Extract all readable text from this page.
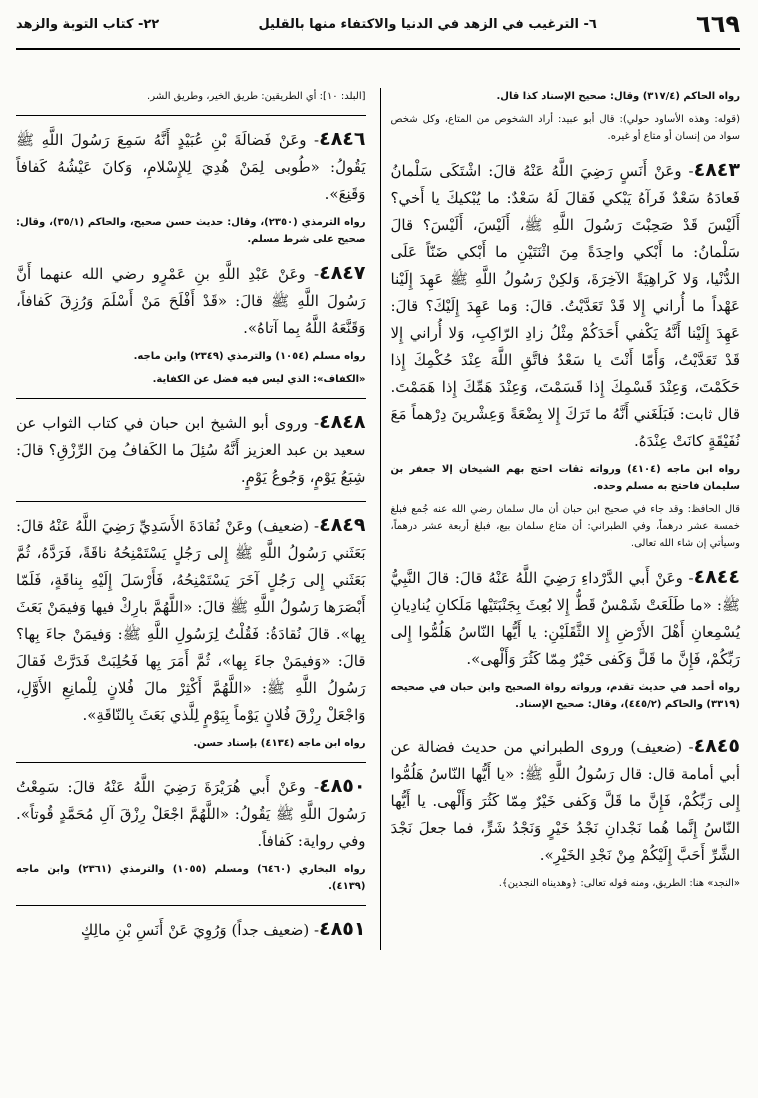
٦٦٩
٦- الترغيب في الزهد في الدنيا والاكتفاء منها بالقليل
٢٢- كتاب التوبة والزهد

رواه الحاكم (٣١٧/٤) وقال: صحيح الإسناد كذا قال.

(قوله: وهذه الأساود حولي): قال أبو عبيد: أراد الشخوص من المتاع، وكل شخص سواد من إنسان أو متاع أو غيره.

٤٨٤٣- وعَنْ أَنَسٍ رَضِيَ اللَّهُ عَنْهُ قالَ: اشْتَكَى سَلْمانُ فَعادَهُ سَعْدٌ فَرآهُ يَبْكي فَقالَ لَهُ سَعْدٌ: ما يُبْكيكَ يا أَخي؟ أَلَيْسَ قَدْ صَحِبْتَ رَسُولَ اللَّهِ ﷺ، أَلَيْسَ، أَلَيْسَ؟ قالَ سَلْمانُ: ما أَبْكي واحِدَةً مِنَ اثْنَتَيْنِ ما أَبْكي ضَنّاً عَلَى الدُّنْيا، وَلا كَراهِيَةً الآخِرَةَ، وَلكِنْ رَسُولُ اللَّهِ ﷺ عَهِدَ إِلَيْنا عَهْداً ما أُراني إِلا قَدْ تَعَدَّيْتُ. قالَ: وَما عَهِدَ إِلَيْكَ؟ قالَ: عَهِدَ إِلَيْنا أَنَّهُ يَكْفي أَحَدَكُمْ مِثْلُ زادِ الرّاكِبِ، وَلا أُراني إِلا قَدْ تَعَدَّيْتُ، وَأَمّا أَنْتَ يا سَعْدُ فاتَّقِ اللَّهَ عِنْدَ حُكْمِكَ إِذا حَكَمْتَ، وَعِنْدَ قَسْمِكَ إِذا قَسَمْتَ، وَعِنْدَ هَمِّكَ إِذا هَمَمْتَ. قال ثابت: فَبَلَغَني أَنَّهُ ما تَرَكَ إِلا بِضْعَةً وَعِشْرينَ دِرْهماً مَعَ نُفَيْقَةٍ كانَتْ عِنْدَهُ.

رواه ابن ماجه (٤١٠٤) ورواته ثقات احتج بهم الشيخان إلا جعفر بن سليمان فاحتج به مسلم وحده.

قال الحافظ: وقد جاء في صحيح ابن حبان أن مال سلمان رضي الله عنه جُمع فبلغ خمسة عشر درهماً، وفي الطبراني: أن متاع سلمان بيع، فبلغ أربعة عشر درهماً، وسيأتي إن شاء الله تعالى.

٤٨٤٤- وعَنْ أَبي الدَّرْداءِ رَضِيَ اللَّهُ عَنْهُ قالَ: قالَ النَّبِيُّ ﷺ: «ما طَلَعَتْ شَمْسٌ قَطُّ إِلا بُعِثَ بِجَنْبَتَيْها مَلَكانِ يُنادِيانِ يُسْمِعانِ أَهْلَ الأَرْضِ إِلا الثَّقَلَيْنِ: يا أَيُّها النّاسُ هَلُمُّوا إِلى رَبِّكُمْ، فَإِنَّ ما قَلَّ وَكَفى خَيْرٌ مِمّا كَثُرَ وَأَلْهى».

رواه أحمد في حديث تقدم، ورواته رواة الصحيح وابن حبان في صحيحه (٣٣١٩) والحاكم (٤٤٥/٢)، وقال: صحيح الإسناد.

٤٨٤٥- (ضعيف) وروى الطبراني من حديث فضالة عن أبي أمامة قال: قال رَسُولُ اللَّهِ ﷺ: «يا أَيُّها النّاسُ هَلُمُّوا إِلى رَبِّكُمْ، فَإِنَّ ما قَلَّ وَكَفى خَيْرٌ مِمّا كَثُرَ وَأَلْهى. يا أَيُّها النّاسُ إِنَّما هُما نَجْدانِ نَجْدُ خَيْرٍ وَنَجْدُ شَرٍّ، فما جعلَ نَجْدَ الشَّرِّ أَحَبَّ إِلَيْكُمْ مِنْ نَجْدِ الخَيْرِ».

«النجد» هنا: الطريق، ومنه قوله تعالى: ﴿وهديناه النجدين﴾.

[البلد: ١٠]: أي الطريقين: طريق الخير، وطريق الشر.

٤٨٤٦- وعَنْ فَضالَةَ بْنِ عُبَيْدٍ أَنَّهُ سَمِعَ رَسُولَ اللَّهِ ﷺ يَقُولُ: «طُوبى لِمَنْ هُدِيَ لِلإِسْلامِ، وَكانَ عَيْشُهُ كَفافاً وَقَنِعَ».

رواه الترمذي (٢٣٥٠)، وقال: حديث حسن صحيح، والحاكم (٣٥/١)، وقال: صحيح على شرط مسلم.

٤٨٤٧- وعَنْ عَبْدِ اللَّهِ بنِ عَمْرٍو رضي الله عنهما أَنَّ رَسُولَ اللَّهِ ﷺ قالَ: «قَدْ أَفْلَحَ مَنْ أَسْلَمَ وَرُزِقَ كَفافاً، وَقَنَّعَهُ اللَّهُ بِما آتاهُ».

رواه مسلم (١٠٥٤) والترمذي (٢٣٤٩) وابن ماجه.

«الكفاف»: الذي ليس فيه فضل عن الكفاية.

٤٨٤٨- وروى أبو الشيخ ابن حبان في كتاب الثواب عن سعيد بن عبد العزيز أَنَّهُ سُئِلَ ما الكَفافُ مِنَ الرِّزْقِ؟ قالَ: شِبَعُ يَوْمٍ، وَجُوعُ يَوْمٍ.

٤٨٤٩- (ضعيف) وعَنْ نُقادَةَ الأَسَدِيِّ رَضِيَ اللَّهُ عَنْهُ قالَ: بَعَثَني رَسُولُ اللَّهِ ﷺ إِلى رَجُلٍ يَسْتَمْنِحُهُ ناقَةً، فَرَدَّهُ، ثُمَّ بَعَثَني إِلى رَجُلٍ آخَرَ يَسْتَمْنِحُهُ، فَأَرْسَلَ إِلَيْهِ بِناقَةٍ، فَلَمّا أَبْصَرَها رَسُولُ اللَّهِ ﷺ قالَ: «اللَّهُمَّ بارِكْ فيها وَفيمَنْ بَعَثَ بِها». قالَ نُقادَةُ: فَقُلْتُ لِرَسُولِ اللَّهِ ﷺ: وَفيمَنْ جاءَ بِها؟ قالَ: «وَفيمَنْ جاءَ بِها»، ثُمَّ أَمَرَ بِها فَحُلِبَتْ فَدَرَّتْ فَقالَ رَسُولُ اللَّهِ ﷺ: «اللَّهُمَّ أَكْثِرْ مالَ فُلانٍ لِلْمانِعِ الأَوَّلِ، وَاجْعَلْ رِزْقَ فُلانٍ يَوْماً بِيَوْمٍ لِلَّذي بَعَثَ بِالنّاقَةِ».

رواه ابن ماجه (٤١٣٤) بإسناد حسن.

٤٨٥٠- وعَنْ أَبي هُرَيْرَةَ رَضِيَ اللَّهُ عَنْهُ قالَ: سَمِعْتُ رَسُولَ اللَّهِ ﷺ يَقُولُ: «اللَّهُمَّ اجْعَلْ رِزْقَ آلِ مُحَمَّدٍ قُوتاً». وفي رواية: كَفافاً.

رواه البخاري (٦٤٦٠) ومسلم (١٠٥٥) والترمذي (٢٣٦١) وابن ماجه (٤١٣٩).

٤٨٥١- (ضعيف جداً) وَرُوِيَ عَنْ أَنَسِ بْنِ مالِكٍ
